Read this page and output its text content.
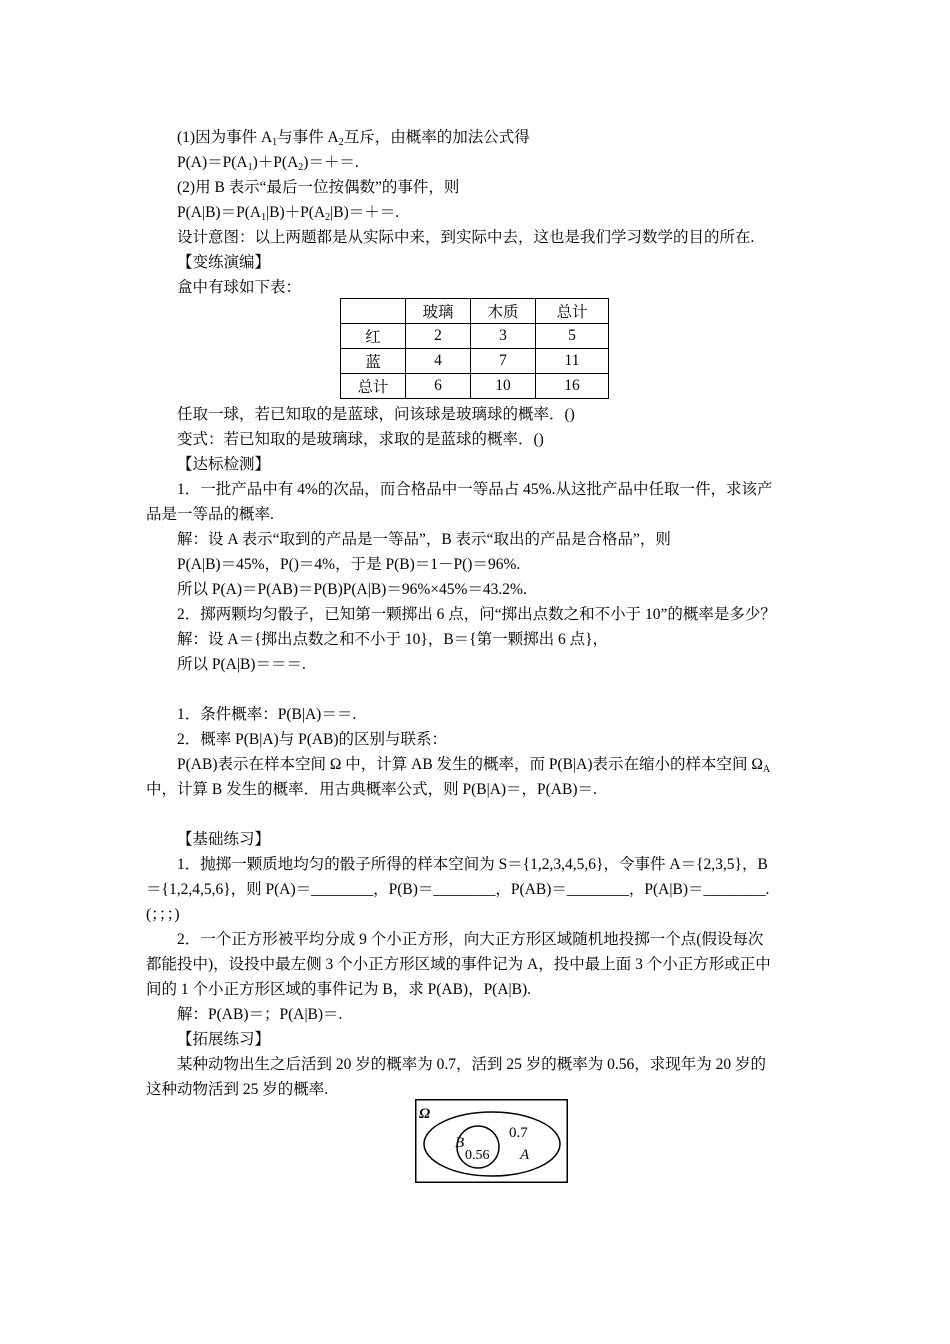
(1)因为事件 $A_1$与事件 $A_2$互斥，由概率的加法公式得
$P(A)=P(A_1)+P(A_2)=+=$.
(2)用 B 表示“最后一位按偶数”的事件，则
$P(A|B)=P(A_1|B)+P(A_2|B)=+=$.
设计意图：以上两题都是从实际中来，到实际中去，这也是我们学习数学的目的所在.
【变练演编】
盒中有球如下表：
	玻璃	木质	总计
红	2	3	5
蓝	4	7	11
总计	6	10	16
任取一球，若已知取的是蓝球，问该球是玻璃球的概率．()
变式：若已知取的是玻璃球，求取的是蓝球的概率．()
【达标检测】
1．一批产品中有 4%的次品，而合格品中一等品占 45%.从这批产品中任取一件，求该产
品是一等品的概率.
解：设 A 表示“取到的产品是一等品”，B 表示“取出的产品是合格品”，则
P(A|B)＝45%，P()＝4%，于是 P(B)＝1－P()＝96%.
所以 P(A)＝P(AB)＝P(B)P(A|B)＝96%×45%＝43.2%.
2．掷两颗均匀骰子，已知第一颗掷出 6 点，问“掷出点数之和不小于 10”的概率是多少？
解：设 A＝{掷出点数之和不小于 10}，B＝{第一颗掷出 6 点}，
所以 P(A|B)＝＝＝.
1．条件概率：P(B|A)＝＝.
2．概率 P(B|A)与 P(AB)的区别与联系：
P(AB)表示在样本空间 Ω 中，计算 AB 发生的概率，而 P(B|A)表示在缩小的样本空间 $\Omega_A$
中，计算 B 发生的概率．用古典概率公式，则 P(B|A)＝，P(AB)＝.
【基础练习】
1．抛掷一颗质地均匀的骰子所得的样本空间为 S＝{1,2,3,4,5,6}，令事件 A＝{2,3,5}，B
＝{1,2,4,5,6}，则 P(A)＝________，P(B)＝________，P(AB)＝________，P(A|B)＝________.
(；；；)
2．一个正方形被平均分成 9 个小正方形，向大正方形区域随机地投掷一个点(假设每次
都能投中)，设投中最左侧 3 个小正方形区域的事件记为 A，投中最上面 3 个小正方形或正中
间的 1 个小正方形区域的事件记为 B，求 P(AB)，P(A|B).
解：P(AB)＝；P(A|B)＝.
【拓展练习】
某种动物出生之后活到 20 岁的概率为 0.7，活到 25 岁的概率为 0.56，求现年为 20 岁的
这种动物活到 25 岁的概率.
Ω
B
0.56
0.7
A
